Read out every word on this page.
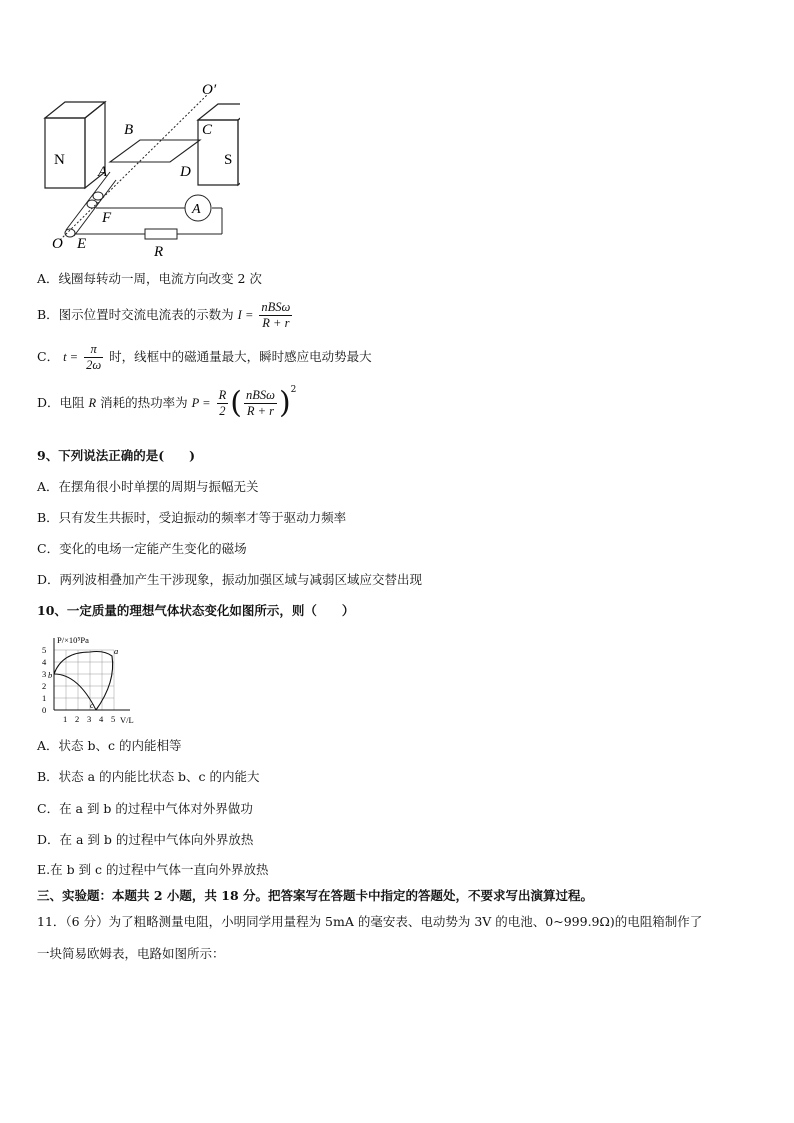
A
O′
B	C
A	D
N	S
F
O E	R
A．线圈每转动一周，电流方向改变 2 次
B．图示位置时交流电流表的示数为 $I = \frac{\text{nBSω}}{R + r}$
C． $t = \frac{\pi}{2\omega}$ 时，线框中的磁通量最大，瞬时感应电动势最大
D．电阻 R 消耗的热功率为 $P = \frac{R}{2}$ ( $\frac{\text{nBSω}}{R + r} )^2$
9、下列说法正确的是(　　)
A．在摆角很小时单摆的周期与振幅无关
B．只有发生共振时，受迫振动的频率才等于驱动力频率
C．变化的电场一定能产生变化的磁场
D．两列波相叠加产生干涉现象，振动加强区域与减弱区域应交替出现
10、一定质量的理想气体状态变化如图所示，则（　　）
P/×10⁵Pa
V/L
5
4
3
2
1
0
1 2 3 4 5
a
b
c
A．状态 b、c 的内能相等
B．状态 a 的内能比状态 b、c 的内能大
C．在 a 到 b 的过程中气体对外界做功
D．在 a 到 b 的过程中气体向外界放热
E.在 b 到 c 的过程中气体一直向外界放热
三、实验题：本题共 2 小题，共 18 分。把答案写在答题卡中指定的答题处，不要求写出演算过程。
11．（6 分）为了粗略测量电阻，小明同学用量程为 5mA 的毫安表、电动势为 3V 的电池、0~999.9Ω)的电阻箱制作了
一块简易欧姆表，电路如图所示：
